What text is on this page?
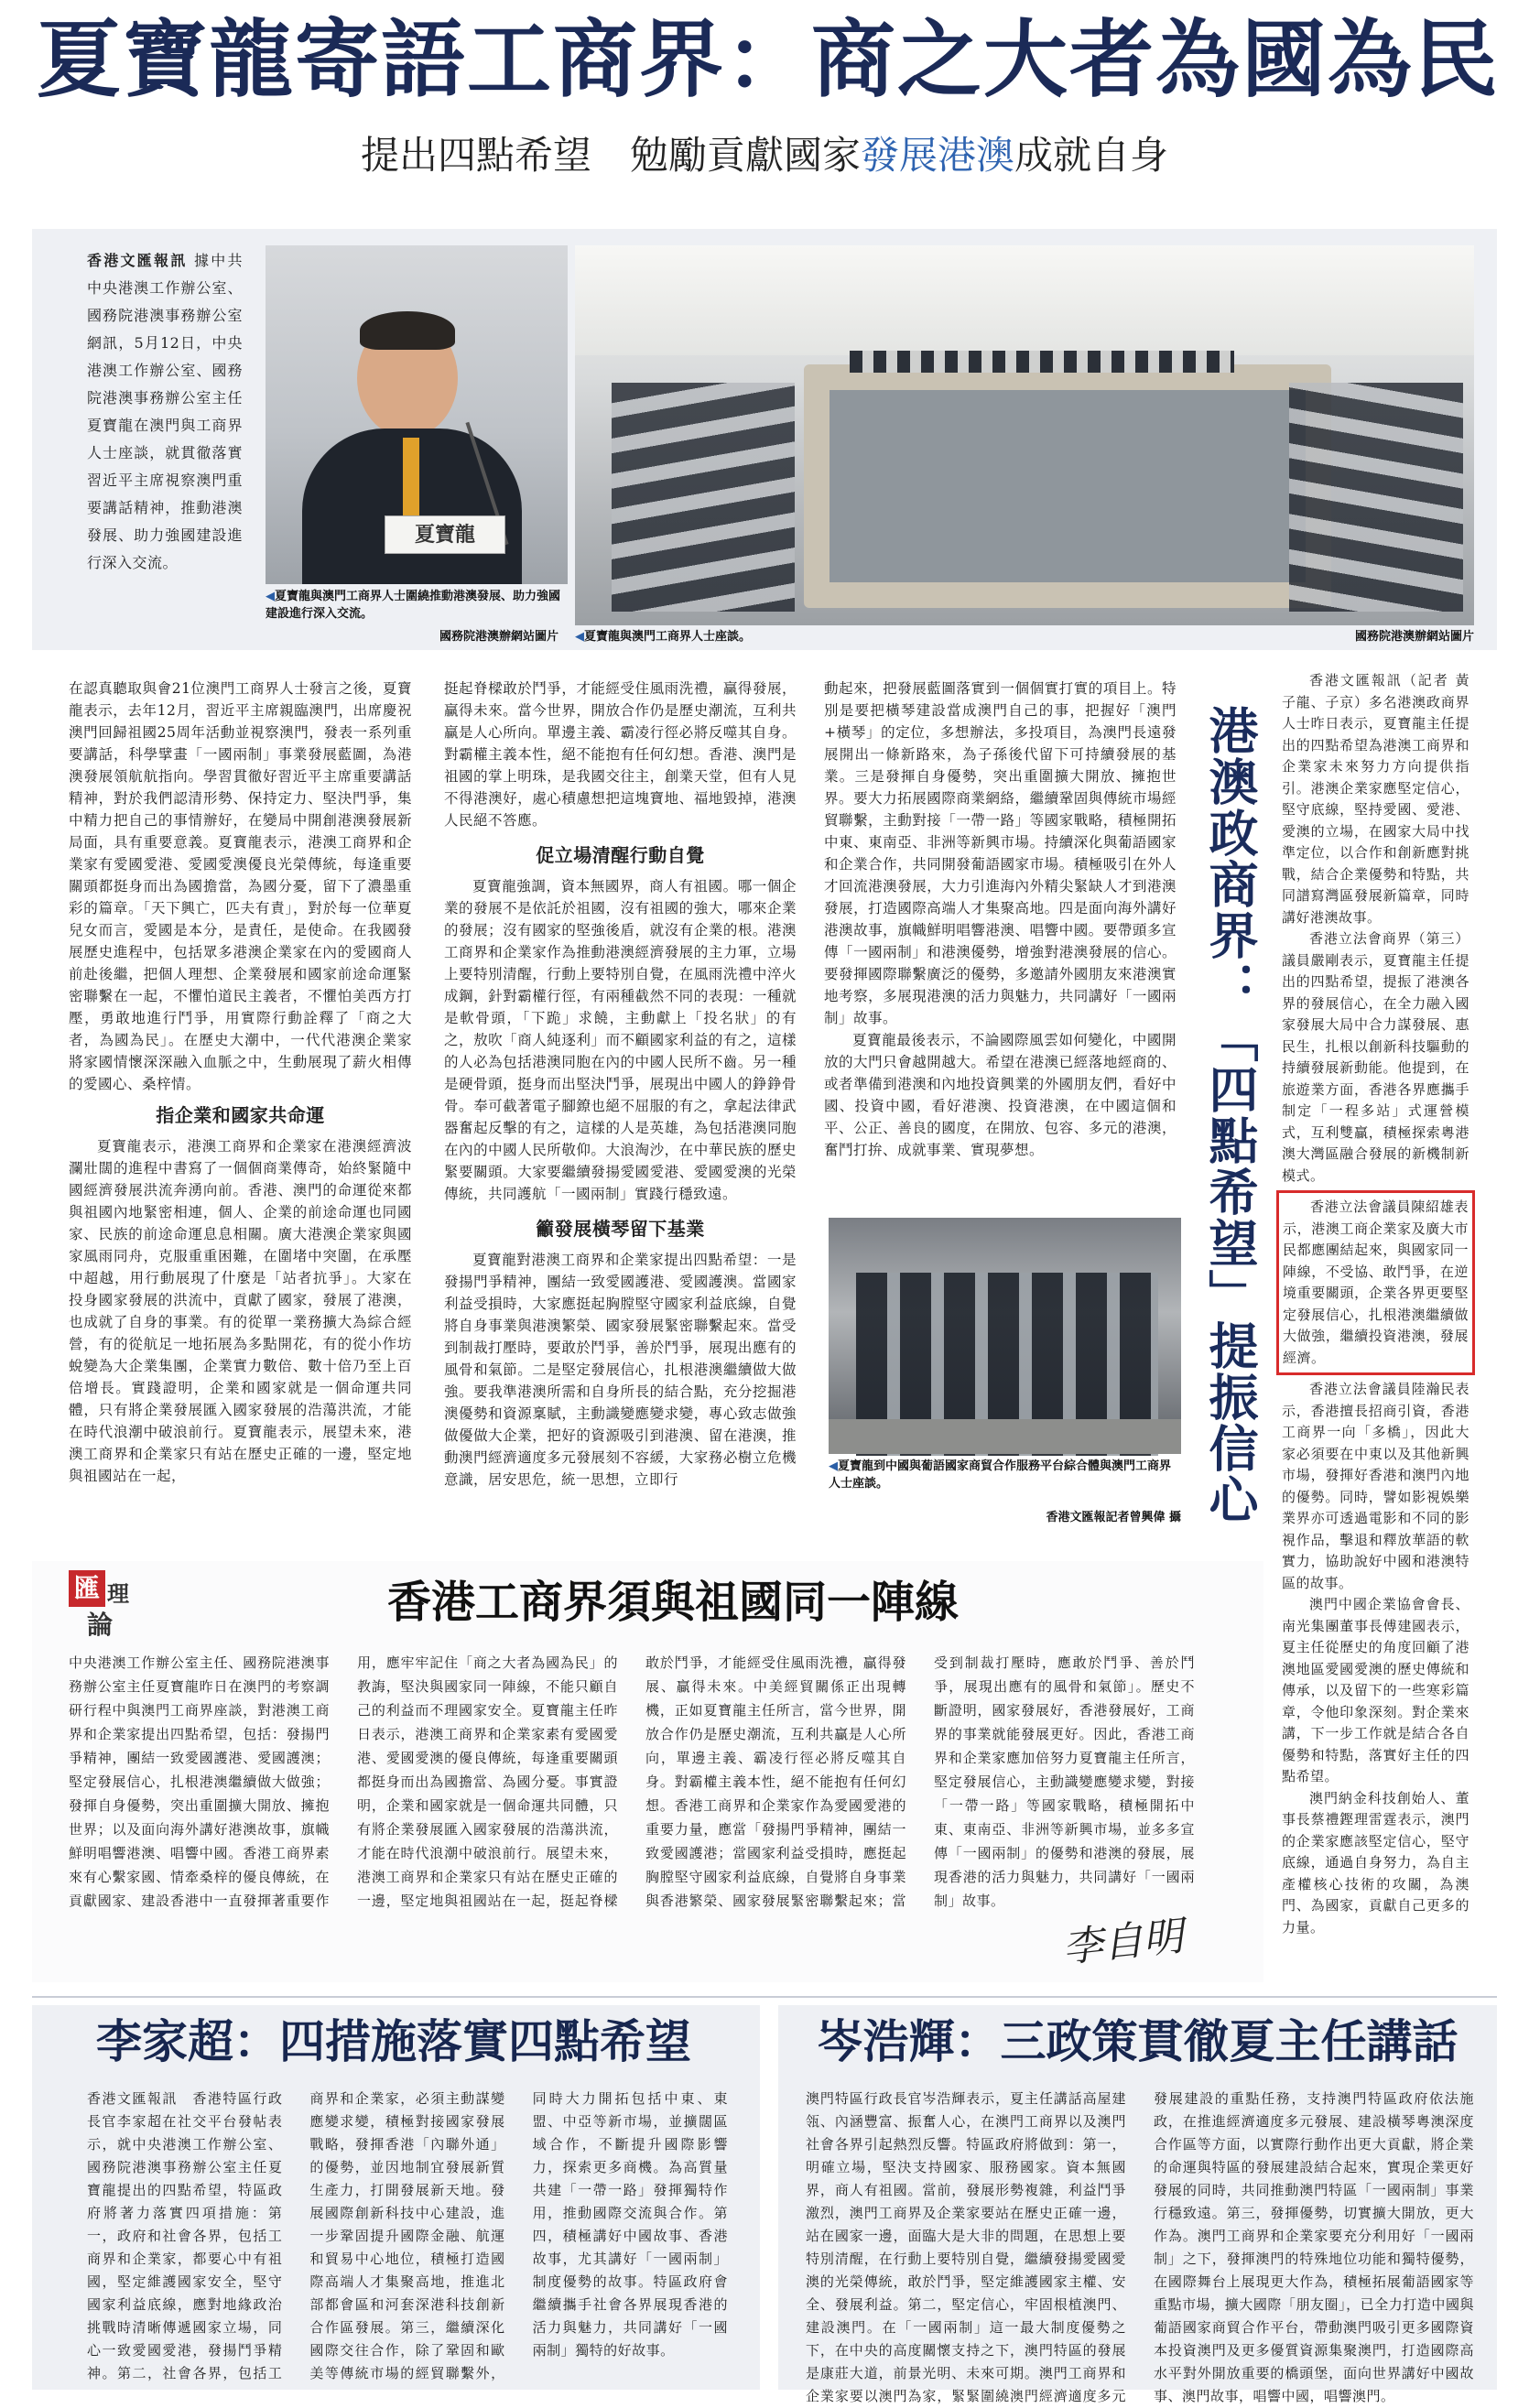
夏寶龍寄語工商界：商之大者為國為民
提出四點希望　勉勵貢獻國家發展港澳成就自身
香港文匯報訊 據中共中央港澳工作辦公室、國務院港澳事務辦公室網訊，5月12日，中央港澳工作辦公室、國務院港澳事務辦公室主任夏寶龍在澳門與工商界人士座談，就貫徹落實習近平主席視察澳門重要講話精神，推動港澳發展、助力強國建設進行深入交流。
夏寶龍
◀夏寶龍與澳門工商界人士圍繞推動港澳發展、助力強國建設進行深入交流。
國務院港澳辦網站圖片 ◀夏寶龍與澳門工商界人士座談。	國務院港澳辦網站圖片

在認真聽取與會21位澳門工商界人士發言之後，夏寶龍表示，去年12月，習近平主席親臨澳門，出席慶祝澳門回歸祖國25周年活動並視察澳門，發表一系列重要講話，科學擘畫「一國兩制」事業發展藍圖，為港澳發展領航航指向。學習貫徹好習近平主席重要講話精神，對於我們認清形勢、保持定力、堅決門爭，集中精力把自己的事情辦好，在變局中開創港澳發展新局面，具有重要意義。夏寶龍表示，港澳工商界和企業家有愛國愛港、愛國愛澳優良光榮傳統，每逢重要關頭都挺身而出為國擔當，為國分憂，留下了濃墨重彩的篇章。「天下興亡，匹夫有責」，對於每一位華夏兒女而言，愛國是本分，是責任，是使命。在我國發展歷史進程中，包括眾多港澳企業家在內的愛國商人前赴後繼，把個人理想、企業發展和國家前途命運緊密聯繫在一起，不懼怕道民主義者，不懼怕美西方打壓，勇敢地進行鬥爭，用實際行動詮釋了「商之大者，為國為民」。在歷史大潮中，一代代港澳企業家將家國情懷深深融入血脈之中，生動展現了薪火相傳的愛國心、桑梓情。

指企業和國家共命運

夏寶龍表示，港澳工商界和企業家在港澳經濟波瀾壯闊的進程中書寫了一個個商業傳奇，始終緊隨中國經濟發展洪流奔湧向前。香港、澳門的命運從來都與祖國內地緊密相連，個人、企業的前途命運也同國家、民族的前途命運息息相關。廣大港澳企業家與國家風雨同舟，克服重重困難，在圍堵中突圍，在承壓中超越，用行動展現了什麼是「站者抗爭」。大家在投身國家發展的洪流中，貢獻了國家，發展了港澳，也成就了自身的事業。有的從單一業務擴大為綜合經營，有的從航足一地拓展為多點開花，有的從小作坊蛻變為大企業集團，企業實力數倍、數十倍乃至上百倍增長。實踐證明，企業和國家就是一個命運共同體，只有將企業發展匯入國家發展的浩蕩洪流，才能在時代浪潮中破浪前行。夏寶龍表示，展望未來，港澳工商界和企業家只有站在歷史正確的一邊，堅定地與祖國站在一起，

挺起脊樑敢於鬥爭，才能經受住風雨洗禮，贏得發展，贏得未來。當今世界，開放合作仍是歷史潮流，互利共贏是人心所向。單邊主義、霸凌行徑必將反噬其自身。對霸權主義本性，絕不能抱有任何幻想。香港、澳門是祖國的掌上明珠，是我國交往主，創業天堂，但有人見不得港澳好，處心積慮想把這塊寶地、福地毀掉，港澳人民絕不答應。

促立場清醒行動自覺

夏寶龍強調，資本無國界，商人有祖國。哪一個企業的發展不是依託於祖國，沒有祖國的強大，哪來企業的發展；沒有國家的堅強後盾，就沒有企業的根。港澳工商界和企業家作為推動港澳經濟發展的主力軍，立場上要特別清醒，行動上要特別自覺，在風雨洗禮中淬火成鋼，針對霸權行徑，有兩種截然不同的表現：一種就是軟骨頭，「下跪」求饒，主動獻上「投名狀」的有之，敖吹「商人純逐利」而不顧國家利益的有之，這樣的人必為包括港澳同胞在內的中國人民所不齒。另一種是硬骨頭，挺身而出堅決鬥爭，展現出中國人的錚錚骨骨。奉可截著電子腳鐐也絕不屈服的有之，拿起法律武器奮起反擊的有之，這樣的人是英雄，為包括港澳同胞在內的中國人民所敬仰。大浪淘沙，在中華民族的歷史緊要關頭。大家要繼續發揚愛國愛港、愛國愛澳的光榮傳統，共同護航「一國兩制」實踐行穩致遠。

籲發展橫琴留下基業

夏寶龍對港澳工商界和企業家提出四點希望：一是發揚門爭精神，團結一致愛國護港、愛國護澳。當國家利益受損時，大家應挺起胸膛堅守國家利益底線，自覺將自身事業與港澳繁榮、國家發展緊密聯繫起來。當受到制裁打壓時，要敢於鬥爭，善於鬥爭，展現出應有的風骨和氣節。二是堅定發展信心，扎根港澳繼續做大做強。要我準港澳所需和自身所長的結合點，充分挖掘港澳優勢和資源稟賦，主動識變應變求變，專心致志做強做優做大企業，把好的資源吸引到港澳、留在港澳，推動澳門經濟適度多元發展刻不容緩，大家務必樹立危機意識，居安思危，統一思想，立即行

動起來，把發展藍圖落實到一個個實打實的項目上。特別是要把橫琴建設當成澳門自己的事，把握好「澳門+橫琴」的定位，多想辦法，多投項目，為澳門長遠發展開出一條新路來，為子孫後代留下可持續發展的基業。三是發揮自身優勢，突出重圍擴大開放、擁抱世界。要大力拓展國際商業網絡，繼續鞏固與傳統市場經貿聯繫，主動對接「一帶一路」等國家戰略，積極開拓中東、東南亞、非洲等新興市場。持續深化與葡語國家和企業合作，共同開發葡語國家市場。積極吸引在外人才回流港澳發展，大力引進海內外精尖緊缺人才到港澳發展，打造國際高端人才集聚高地。四是面向海外講好港澳故事，旗幟鮮明唱響港澳、唱響中國。要帶頭多宣傳「一國兩制」和港澳優勢，增強對港澳發展的信心。要發揮國際聯繫廣泛的優勢，多邀請外國朋友來港澳實地考察，多展現港澳的活力與魅力，共同講好「一國兩制」故事。

夏寶龍最後表示，不論國際風雲如何變化，中國開放的大門只會越開越大。希望在港澳已經落地經商的、或者準備到港澳和內地投資興業的外國朋友們，看好中國、投資中國，看好港澳、投資港澳，在中國這個和平、公正、善良的國度，在開放、包容、多元的港澳，奮鬥打拚、成就事業、實現夢想。

◀夏寶龍到中國與葡語國家商貿合作服務平台綜合體與澳門工商界人士座談。
香港文匯報記者曾興偉 攝 港澳政商界：「四點希望」提振信心

香港文匯報訊（記者 黃子龍、子京）多名港澳政商界人士昨日表示，夏寶龍主任提出的四點希望為港澳工商界和企業家未來努力方向提供指引。港澳企業家應堅定信心，堅守底線，堅持愛國、愛港、愛澳的立場，在國家大局中找準定位，以合作和創新應對挑戰，結合企業優勢和特點，共同譜寫灣區發展新篇章，同時講好港澳故事。

香港立法會商界（第三）議員嚴剛表示，夏寶龍主任提出的四點希望，提振了港澳各界的發展信心，在全力融入國家發展大局中合力謀發展、惠民生，扎根以創新科技驅動的持續發展新動能。他提到，在旅遊業方面，香港各界應攜手制定「一程多站」式運營模式，互利雙贏，積極探索粵港澳大灣區融合發展的新機制新模式。

香港立法會議員陳紹雄表示，港澳工商企業家及廣大市民都應團結起來，與國家同一陣線，不受協、敢鬥爭，在逆境重要關頭，企業各界更要堅定發展信心，扎根港澳繼續做大做強，繼續投資港澳，發展經濟。

香港立法會議員陸瀚民表示，香港擅長招商引資，香港工商界一向「多橋」，因此大家必須要在中東以及其他新興市場，發揮好香港和澳門內地的優勢。同時，譬如影視娛樂業界亦可透過電影和不同的影視作品，擊退和釋放華語的軟實力，協助說好中國和港澳特區的故事。

澳門中國企業協會會長、南光集團董事長傅建國表示，夏主任從歷史的角度回顧了港澳地區愛國愛澳的歷史傳統和傳承，以及留下的一些寒彩篇章，令他印象深刻。對企業來講，下一步工作就是結合各自優勢和特點，落實好主任的四點希望。

澳門納金科技創始人、董事長蔡禮鏗理雷霆表示，澳門的企業家應該堅定信心，堅守底線，通過自身努力，為自主產權核心技術的攻關，為澳門、為國家，貢獻自己更多的力量。

匯 理
論	香港工商界須與祖國同一陣線
中央港澳工作辦公室主任、國務院港澳事務辦公室主任夏寶龍昨日在澳門的考察調研行程中與澳門工商界座談，對港澳工商界和企業家提出四點希望，包括：發揚門爭精神，團結一致愛國護港、愛國護澳；堅定發展信心，扎根港澳繼續做大做強；發揮自身優勢，突出重圍擴大開放、擁抱世界；以及面向海外講好港澳故事，旗幟鮮明唱響港澳、唱響中國。香港工商界素來有心繫家國、情牽桑梓的優良傳統，在貢獻國家、建設香港中一直發揮著重要作用，應牢牢記住「商之大者為國為民」的教誨，堅決與國家同一陣線，不能只顧自己的利益而不理國家安全。夏寶龍主任昨日表示，港澳工商界和企業家素有愛國愛港、愛國愛澳的優良傳統，每逢重要關頭都挺身而出為國擔當、為國分憂。事實證明，企業和國家就是一個命運共同體，只有將企業發展匯入國家發展的浩蕩洪流，才能在時代浪潮中破浪前行。展望未來，港澳工商界和企業家只有站在歷史正確的一邊，堅定地與祖國站在一起，挺起脊樑敢於鬥爭，才能經受住風雨洗禮，贏得發展、贏得未來。中美經貿關係正出現轉機，正如夏寶龍主任所言，當今世界，開放合作仍是歷史潮流，互利共贏是人心所向，單邊主義、霸凌行徑必將反噬其自身。對霸權主義本性，絕不能抱有任何幻想。香港工商界和企業家作為愛國愛港的重要力量，應當「發揚門爭精神，團結一致愛國護港；當國家利益受損時，應挺起胸膛堅守國家利益底線，自覺將自身事業與香港繁榮、國家發展緊密聯繫起來；當受到制裁打壓時，應敢於鬥爭、善於鬥爭，展現出應有的風骨和氣節」。歷史不斷證明，國家發展好，香港發展好，工商界的事業就能發展更好。因此，香港工商界和企業家應加倍努力夏寶龍主任所言，堅定發展信心，主動識變應變求變，對接「一帶一路」等國家戰略，積極開拓中東、東南亞、非洲等新興市場，並多多宣傳「一國兩制」的優勢和港澳的發展，展現香港的活力與魅力，共同講好「一國兩制」故事。
李自明
李家超：四措施落實四點希望
香港文匯報訊　香港特區行政長官李家超在社交平台發帖表示，就中央港澳工作辦公室、國務院港澳事務辦公室主任夏寶龍提出的四點希望，特區政府將著力落實四項措施：第一，政府和社會各界，包括工商界和企業家，都要心中有祖國，堅定維護國家安全，堅守國家利益底線，應對地緣政治挑戰時清晰傳遞國家立場，同心一致愛國愛港，發揚鬥爭精神。第二，社會各界，包括工商界和企業家，必須主動謀變應變求變，積極對接國家發展戰略，發揮香港「內聯外通」的優勢，並因地制宜發展新質生產力，打開發展新天地。發展國際創新科技中心建設，進一步鞏固提升國際金融、航運和貿易中心地位，積極打造國際高端人才集聚高地，推進北部都會區和河套深港科技創新合作區發展。第三，繼續深化國際交往合作，除了鞏固和歐美等傳統市場的經貿聯繫外，同時大力開拓包括中東、東盟、中亞等新市場，並擴闊區域合作，不斷提升國際影響力，探索更多商機。為高質量共建「一帶一路」發揮獨特作用，推動國際交流與合作。第四，積極講好中國故事、香港故事，尤其講好「一國兩制」制度優勢的故事。特區政府會繼續攜手社會各界展現香港的活力與魅力，共同講好「一國兩制」獨特的好故事。
岑浩輝：三政策貫徹夏主任講話
澳門特區行政長官岑浩輝表示，夏主任講話高屋建瓴、內涵豐富、振奮人心，在澳門工商界以及澳門社會各界引起熱烈反響。特區政府將做到：第一，明確立場，堅決支持國家、服務國家。資本無國界，商人有祖國。當前，發展形勢複雜，利益鬥爭激烈，澳門工商界及企業家要站在歷史正確一邊，站在國家一邊，面臨大是大非的問題，在思想上要特別清醒，在行動上要特別自覺，繼續發揚愛國愛澳的光榮傳統，敢於鬥爭，堅定維護國家主權、安全、發展利益。第二，堅定信心，牢固根植澳門、建設澳門。在「一國兩制」這一最大制度優勢之下，在中央的高度關懷支持之下，澳門特區的發展是康莊大道，前景光明、未來可期。澳門工商界和企業家要以澳門為家，緊緊圍繞澳門經濟適度多元發展建設的重點任務，支持澳門特區政府依法施政，在推進經濟適度多元發展、建設橫琴粵澳深度合作區等方面，以實際行動作出更大貢獻，將企業的命運與特區的發展建設結合起來，實現企業更好發展的同時，共同推動澳門特區「一國兩制」事業行穩致遠。第三，發揮優勢，切實擴大開放，更大作為。澳門工商界和企業家要充分利用好「一國兩制」之下，發揮澳門的特殊地位功能和獨特優勢，在國際舞台上展現更大作為，積極拓展葡語國家等重點市場，擴大國際「朋友圈」，已全力打造中國與葡語國家商貿合作平台，帶動澳門吸引更多國際資本投資澳門及更多優質資源集聚澳門，打造國際高水平對外開放重要的橋頭堡，面向世界講好中國故事、澳門故事，唱響中國，唱響澳門。
